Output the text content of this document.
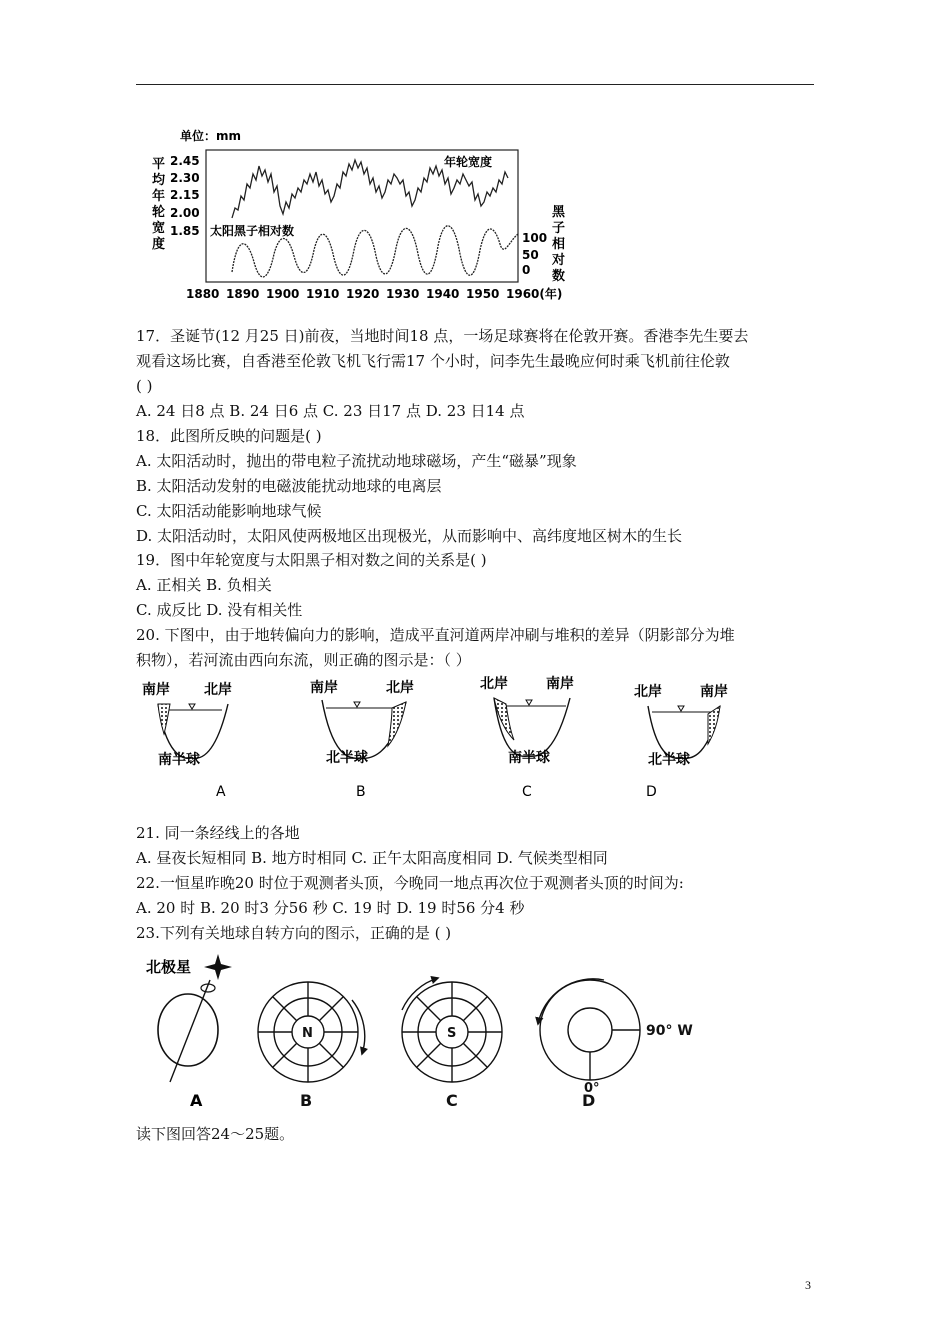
单位：mm
平
均
年
轮
宽
度
2.45
2.30
2.15
2.00
1.85
年轮宽度
太阳黑子相对数	100
50
0
黑
子
相
对
数
1880 1890 1900 1910 1920 1930 1940 1950 1960(年)
17．圣诞节(12 月25 日)前夜，当地时间18 点，一场足球赛将在伦敦开赛。香港李先生要去
观看这场比赛，自香港至伦敦飞机飞行需17 个小时，问李先生最晚应何时乘飞机前往伦敦
( )
A. 24 日8 点 B. 24 日6 点 C. 23 日17 点 D. 23 日14 点
18．此图所反映的问题是( )
A. 太阳活动时，抛出的带电粒子流扰动地球磁场，产生“磁暴”现象
B. 太阳活动发射的电磁波能扰动地球的电离层
C. 太阳活动能影响地球气候
D. 太阳活动时，太阳风使两极地区出现极光，从而影响中、高纬度地区树木的生长
19．图中年轮宽度与太阳黑子相对数之间的关系是( )
A. 正相关 B. 负相关
C. 成反比 D. 没有相关性
20. 下图中，由于地转偏向力的影响，造成平直河道两岸冲刷与堆积的差异（阴影部分为堆
积物），若河流由西向东流，则正确的图示是：（ ）
南岸 北岸
南半球
A
南岸	北岸
北半球
B
北岸	南岸
南半球
C
北岸	南岸
北半球
D
21. 同一条经线上的各地
A. 昼夜长短相同 B. 地方时相同 C. 正午太阳高度相同 D. 气候类型相同
22.一恒星昨晚20 时位于观测者头顶，今晚同一地点再次位于观测者头顶的时间为:
A. 20 时 B. 20 时3 分56 秒 C. 19 时 D. 19 时56 分4 秒
23.下列有关地球自转方向的图示，正确的是 ( )
北极星
A
N
B
S
C
90° W
0°
D
读下图回答24～25题。
3
